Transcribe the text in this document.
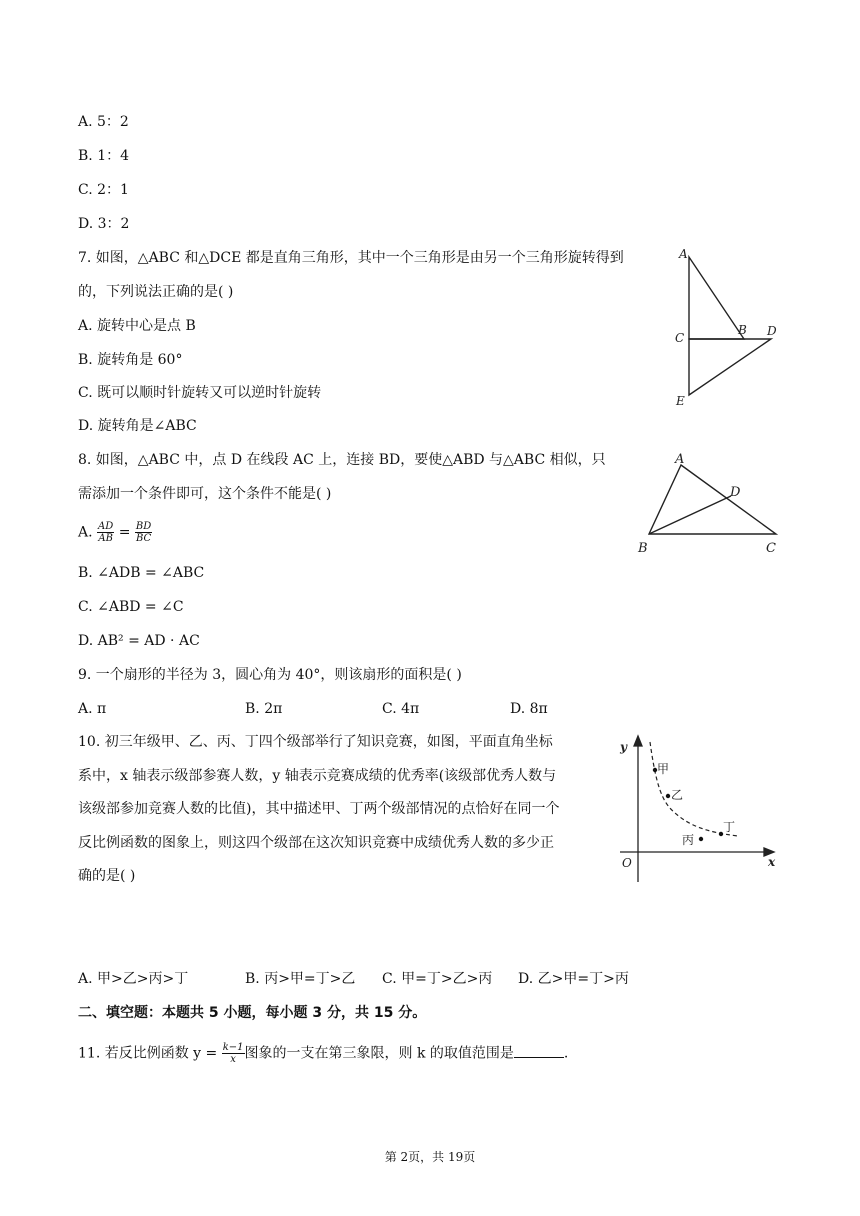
A. 5：2
B. 1：4
C. 2：1
D. 3：2
7. 如图，△ABC 和△DCE 都是直角三角形，其中一个三角形是由另一个三角形旋转得到
的，下列说法正确的是( )
A. 旋转中心是点 B
B. 旋转角是 60°
C. 既可以顺时针旋转又可以逆时针旋转
D. 旋转角是∠ABC
A
B
C	D
E
8. 如图，△ABC 中，点 D 在线段 AC 上，连接 BD，要使△ABD 与△ABC 相似，只
需添加一个条件即可，这个条件不能是( )
A. $\frac{AD}{AB} = \frac{BD}{BC}$
B. ∠ADB = ∠ABC
C. ∠ABD = ∠C
D. AB² = AD · AC
A
B	C
D
9. 一个扇形的半径为 3，圆心角为 40°，则该扇形的面积是( )
A. π	B. 2π	C. 4π	D. 8π
10. 初三年级甲、乙、丙、丁四个级部举行了知识竞赛，如图，平面直角坐标
系中，x 轴表示级部参赛人数，y 轴表示竞赛成绩的优秀率(该级部优秀人数与
该级部参加竞赛人数的比值)，其中描述甲、丁两个级部情况的点恰好在同一个
反比例函数的图象上，则这四个级部在这次知识竞赛中成绩优秀人数的多少正
确的是( )
y
x
O
甲
乙
丙
丁
A. 甲>乙>丙>丁	B. 丙>甲=丁>乙 C. 甲=丁>乙>丙 D. 乙>甲=丁>丙
二、填空题：本题共 5 小题，每小题 3 分，共 15 分。
11. 若反比例函数 $y = \frac{k-1}{x}$ 图象的一支在第三象限，则 k 的取值范围是	.
第 2页，共 19页
